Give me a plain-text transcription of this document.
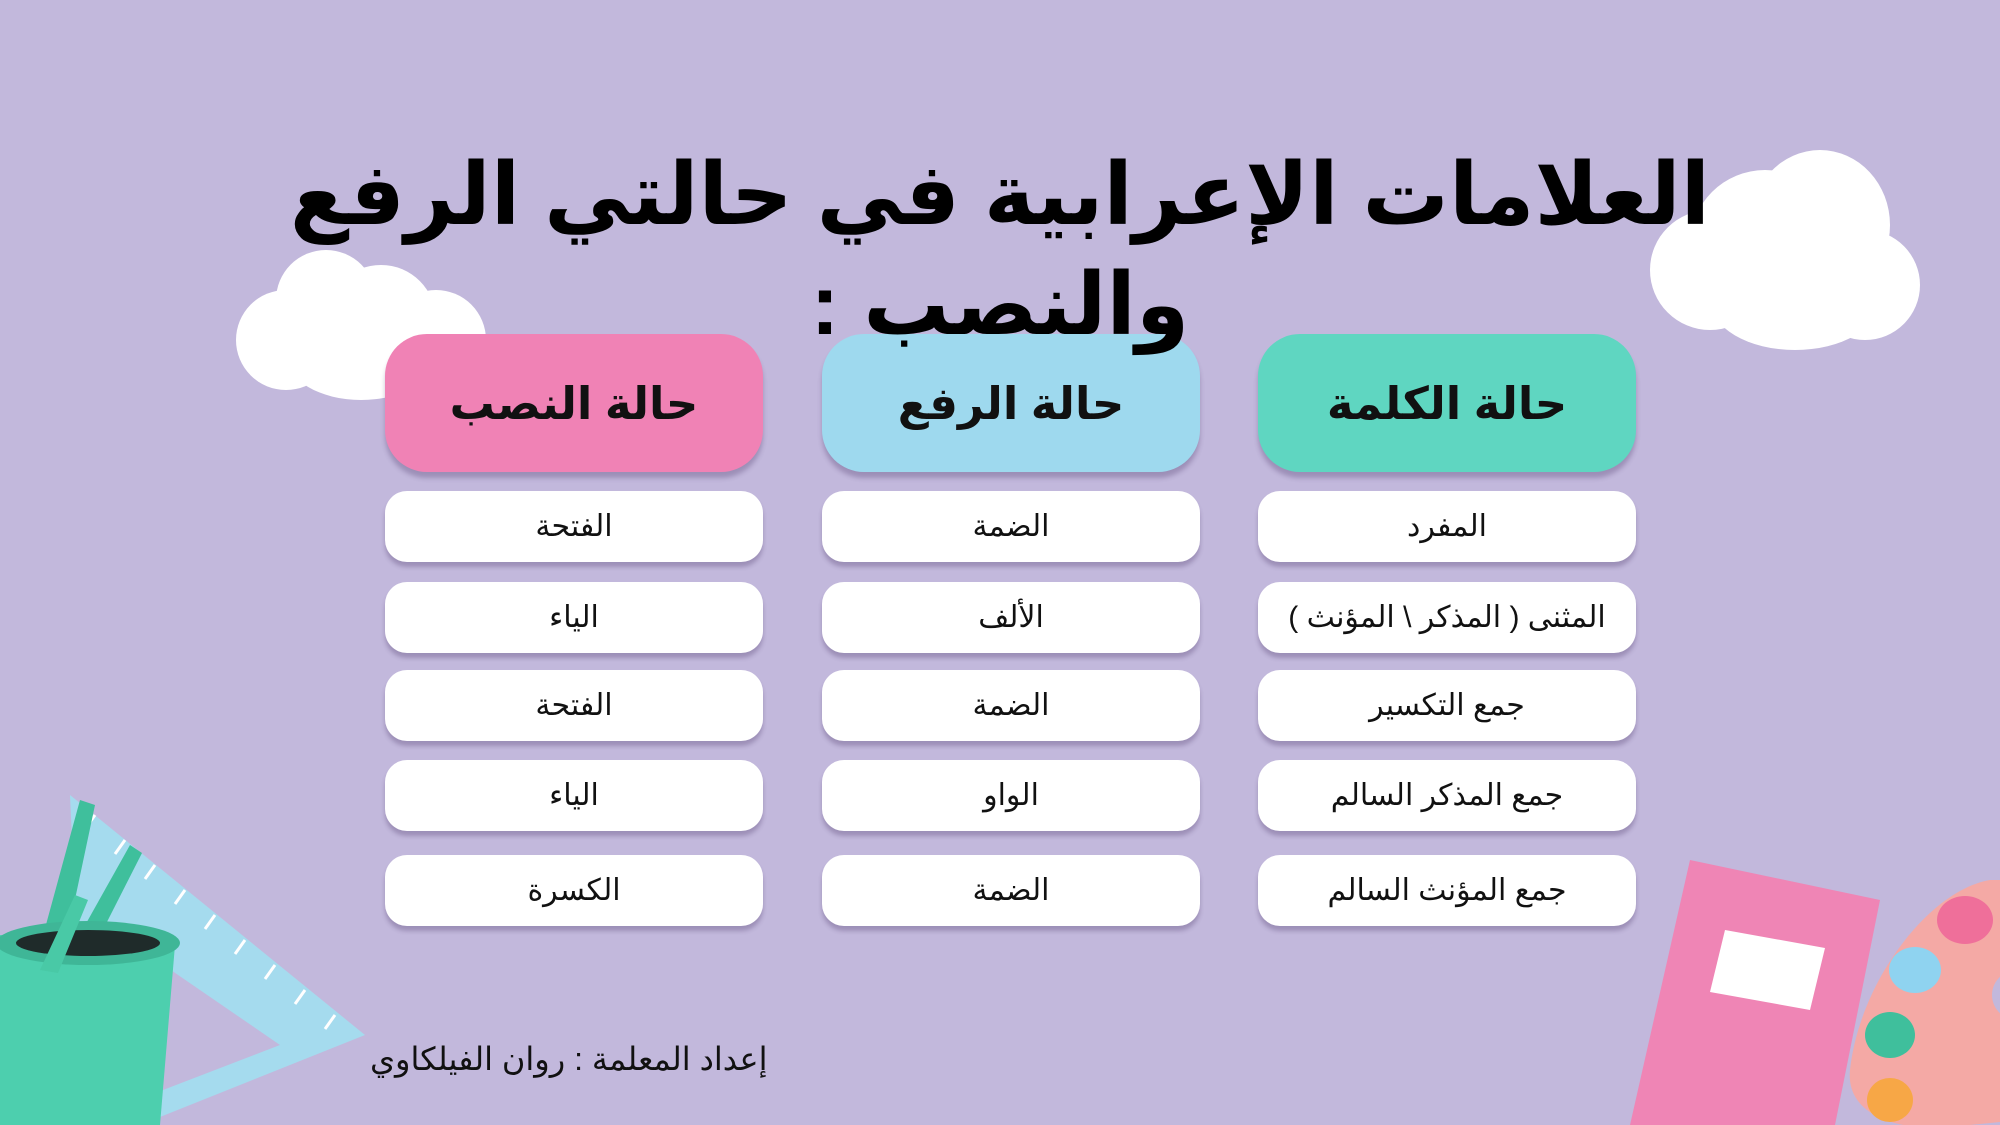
العلامات الإعرابية في حالتي الرفع والنصب :
حالة الكلمة
حالة الرفع
حالة النصب
المفرد
الضمة
الفتحة
المثنى ( المذكر \ المؤنث )
الألف
الياء
جمع التكسير
الضمة
الفتحة
جمع المذكر السالم
الواو
الياء
جمع المؤنث السالم
الضمة
الكسرة
إعداد المعلمة : روان الفيلكاوي
